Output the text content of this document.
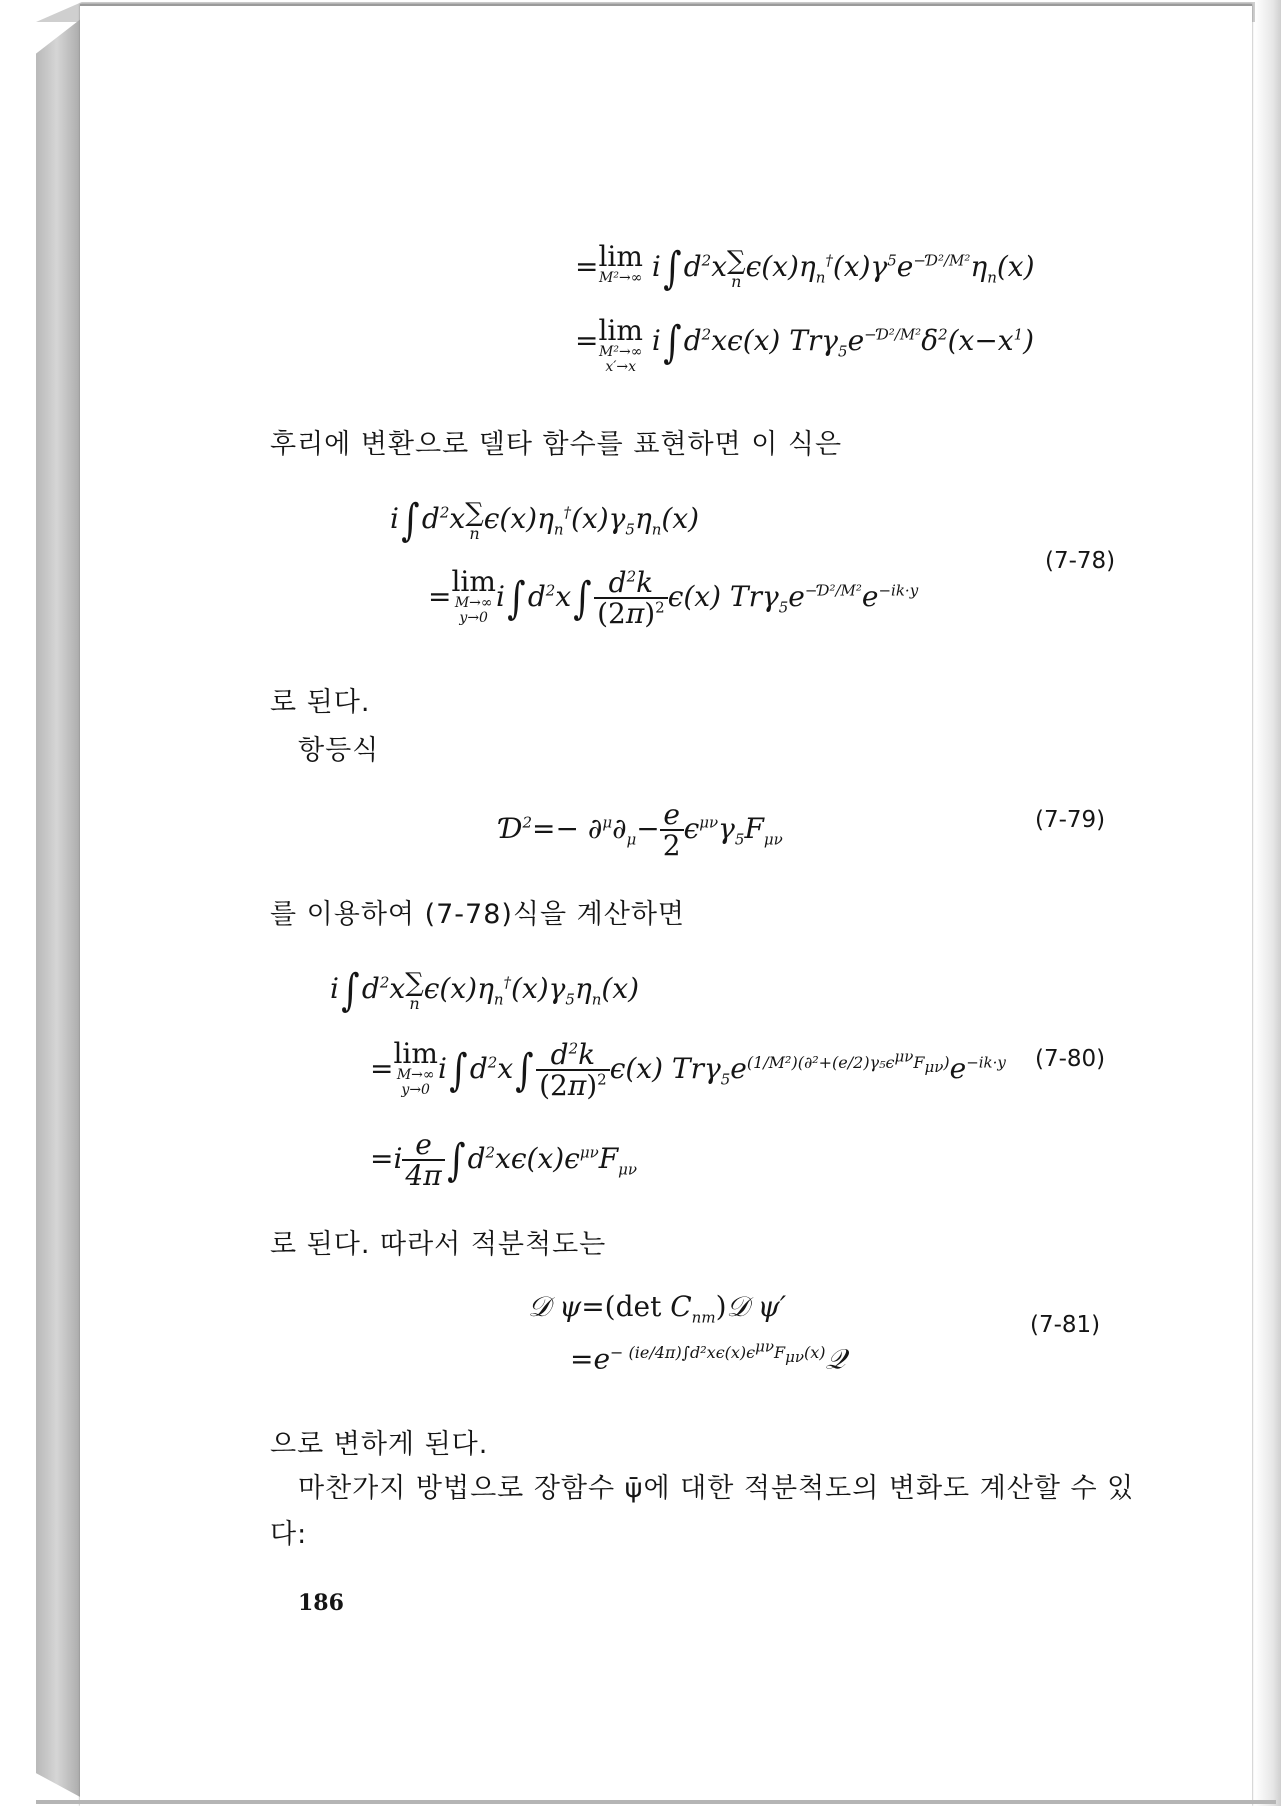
=lim
M²→∞ $i\int d^2x\sum$
n $\epsilon(x)\eta_n^\dagger(x)\gamma^5e^{-Ɗ^2/M^2}\eta_n(x)$
=lim
M²→∞
x′→x
$i\int d^2x\epsilon(x)$ $Tr\gamma_5e^{-Ɗ^2/M^2}\delta^2(x-x^1)$
후리에 변환으로 델타 함수를 표현하면 이 식은
$i\int d^2x\sum$
n $\epsilon(x)\eta_n^\dagger(x)\gamma_5\eta_n(x)$
=lim
M→∞
y→0
$i\int d^2x\int \frac{d^2k}{(2\pi)^2} \epsilon(x)$ $Tr\gamma_5e^{-Ɗ^2/M^2}e^{-ik\cdot y}$
(7-78)
로 된다.
항등식
$Ɗ^2=- \partial^\mu\partial_\mu- \frac{e}{2} \epsilon^{\mu\nu}\gamma_5F_{\mu\nu}$
(7-79)
를 이용하여 (7-78)식을 계산하면
$i\int d^2x\sum$
n $\epsilon(x)\eta_n^\dagger(x)\gamma_5\eta_n(x)$
=lim
M→∞
y→0
$i\int d^2x\int \frac{d^2k}{(2\pi)^2} \epsilon(x)$ $Tr\gamma_5e^{(1/M^2)(\partial^2+(e/2)\gamma_5\epsilon^{\mu\nu}F_{\mu\nu})}e^{-ik\cdot y}$ (7-80)
$=i \frac{e}{4\pi} \int d^2x\epsilon(x)\epsilon^{\mu\nu}F_{\mu\nu}$
로 된다. 따라서 적분척도는
𝒟 ψ=(det $C_{nm})𝒟$ ψ′
$=e^{- (ie/4\pi)\int d^2x\epsilon(x)\epsilon^{\mu\nu}F_{\mu\nu}(x)}𝒬$
(7-81)
으로 변하게 된다.
마찬가지 방법으로 장함수 ψ̄에 대한 적분척도의 변화도 계산할 수 있
다:
186
